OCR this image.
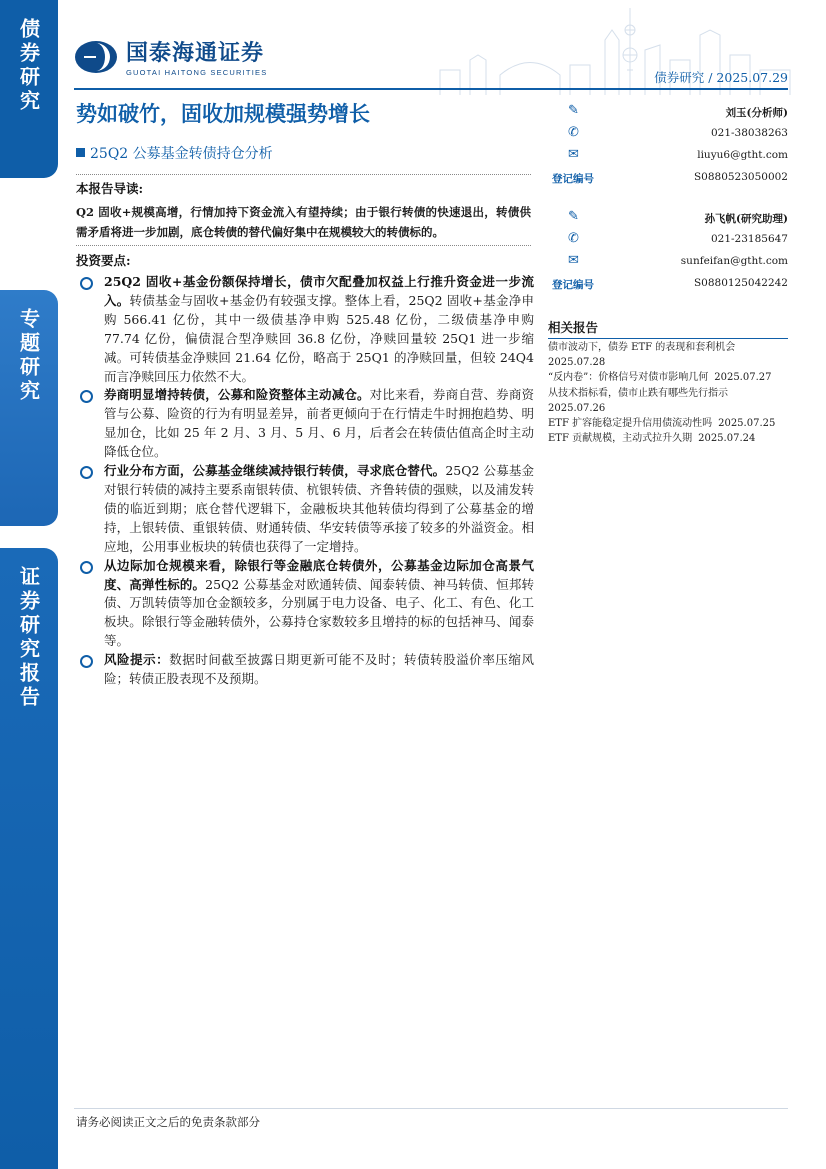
债券研究
专题研究
证券研究报告
国泰海通证券
GUOTAI HAITONG SECURITIES	债券研究 / 2025.07.29
势如破竹，固收加规模强势增长
25Q2 公募基金转债持仓分析
✎	刘玉(分析师)
✆	021-38038263
✉	liuyu6@gtht.com
登记编号	S0880523050002
✎	孙飞帆(研究助理)
✆	021-23185647
✉	sunfeifan@gtht.com
登记编号	S0880125042242
本报告导读:
Q2 固收+规模高增，行情加持下资金流入有望持续；由于银行转债的快速退出，转债供需矛盾将进一步加剧，底仓转债的替代偏好集中在规模较大的转债标的。
投资要点:
25Q2 固收+基金份额保持增长，债市欠配叠加权益上行推升资金进一步流入。转债基金与固收+基金仍有较强支撑。整体上看，25Q2 固收+基金净申购 566.41 亿份，其中一级债基净申购 525.48 亿份，二级债基净申购 77.74 亿份，偏债混合型净赎回 36.8 亿份，净赎回量较 25Q1 进一步缩减。可转债基金净赎回 21.64 亿份，略高于 25Q1 的净赎回量，但较 24Q4 而言净赎回压力依然不大。
券商明显增持转债，公募和险资整体主动减仓。对比来看，券商自营、券商资管与公募、险资的行为有明显差异，前者更倾向于在行情走牛时拥抱趋势、明显加仓，比如 25 年 2 月、3 月、5 月、6 月，后者会在转债估值高企时主动降低仓位。
行业分布方面，公募基金继续减持银行转债，寻求底仓替代。25Q2 公募基金对银行转债的减持主要系南银转债、杭银转债、齐鲁转债的强赎，以及浦发转债的临近到期；底仓替代逻辑下，金融板块其他转债均得到了公募基金的增持，上银转债、重银转债、财通转债、华安转债等承接了较多的外溢资金。相应地，公用事业板块的转债也获得了一定增持。
从边际加仓规模来看，除银行等金融底仓转债外，公募基金边际加仓高景气度、高弹性标的。25Q2 公募基金对欧通转债、闻泰转债、神马转债、恒邦转债、万凯转债等加仓金额较多，分别属于电力设备、电子、化工、有色、化工板块。除银行等金融转债外，公募持仓家数较多且增持的标的包括神马、闻泰等。
风险提示：数据时间截至披露日期更新可能不及时；转债转股溢价率压缩风险；转债正股表现不及预期。
相关报告
债市波动下，债券 ETF 的表现和套利机会
2025.07.28
“反内卷”：价格信号对债市影响几何 2025.07.27
从技术指标看，债市止跌有哪些先行指示
2025.07.26
ETF 扩容能稳定提升信用债流动性吗 2025.07.25
ETF 贡献规模，主动式拉升久期 2025.07.24
请务必阅读正文之后的免责条款部分
